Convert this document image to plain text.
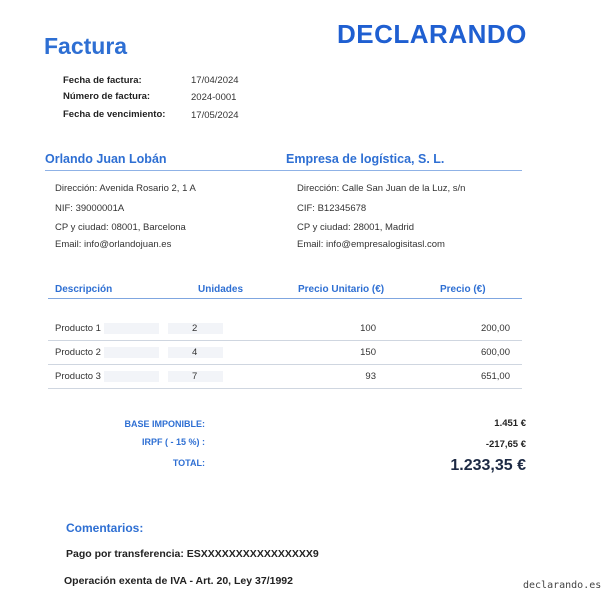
Factura	DECLARANDO
Fecha de factura:	17/04/2024
Número de factura:	2024-0001
Fecha de vencimiento:	17/05/2024
Orlando Juan Lobán	Empresa de logística, S. L.
Dirección: Avenida Rosario 2, 1 A
NIF: 39000001A
CP y ciudad: 08001, Barcelona
Email: info@orlandojuan.es
Dirección: Calle San Juan de la Luz, s/n
CIF: B12345678
CP y ciudad: 28001, Madrid
Email: info@empresalogisitasl.com
Descripción	Unidades	Precio Unitario (€)	Precio (€)
Producto 1	2	100	200,00
Producto 2	4	150	600,00
Producto 3	7	93	651,00
BASE IMPONIBLE:	1.451 €
IRPF ( - 15 %) :	-217,65 €
TOTAL:	1.233,35 €
Comentarios:
Pago por transferencia: ESXXXXXXXXXXXXXXXX9
Operación exenta de IVA - Art. 20, Ley 37/1992	declarando.es
